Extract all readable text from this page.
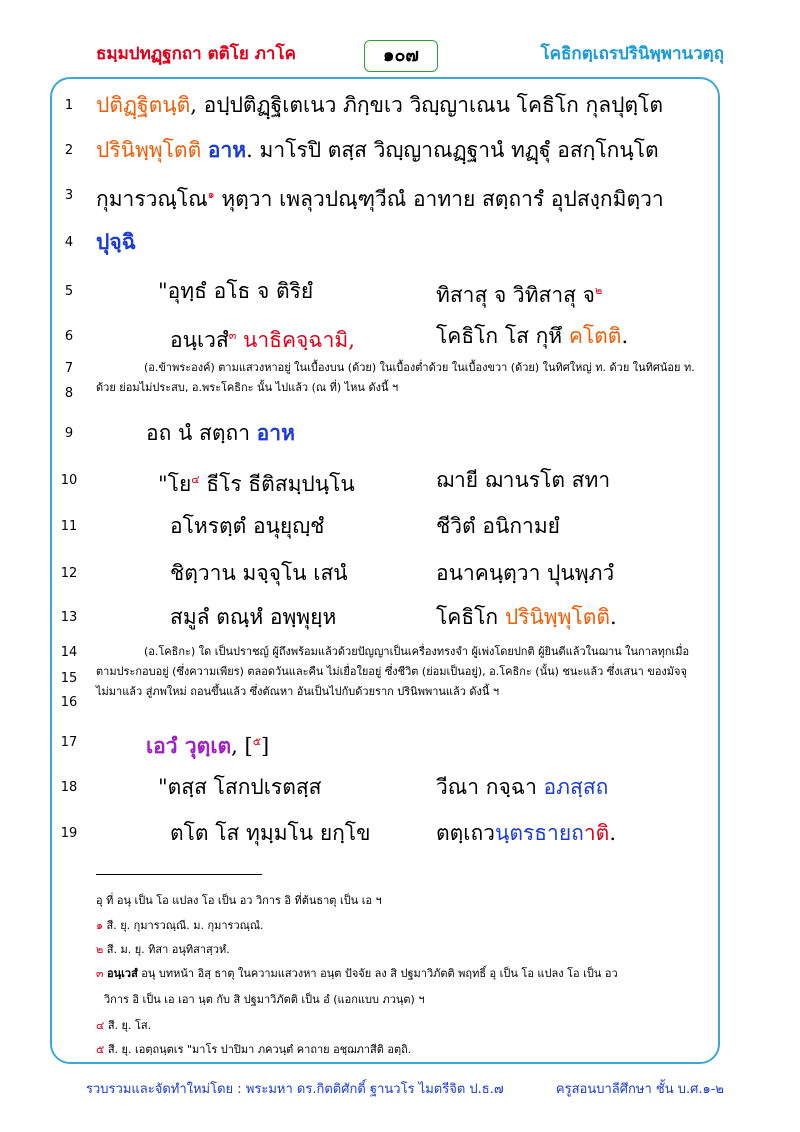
ธมฺมปทฏฺฐกถา ตติโย ภาโค	๑๐๗	โคธิกตฺเถรปรินิพฺพานวตฺถุ
1
2
3
4
5
6
7
8
9
10
11
12
13
14
15
16
17
18
19
ปติฏฺฐิตนฺติ, อปฺปติฏฺฐิเตเนว ภิกฺขเว วิญฺญาเณน โคธิโก กุลปุตฺโต
ปรินิพฺพุโตติ อาห. มาโรปิ ตสฺส วิญฺญาณฏฺฐานํ ทฏฺฐุํ อสกฺโกนฺโต
กุมารวณฺโณ$^๑$ หุตฺวา เพลุวปณฺฑุวีณํ อาทาย สตฺถารํ อุปสงฺกมิตฺวา
ปุจฺฉิ
"อุทฺธํ อโธ จ ติริยํ	ทิสาสุ จ วิทิสาสุ จ$^๒$
อนฺเวสํ$^๓$ นาธิคจฺฉามิ,	โคธิโก โส กุหึ คโตติ.
(อ.ข้าพระองค์) ตามแสวงหาอยู่ ในเบื้องบน (ด้วย) ในเบื้องต่ำด้วย ในเบื้องขวา (ด้วย) ในทิศใหญ่ ท. ด้วย ในทิศน้อย ท.
ด้วย ย่อมไม่ประสบ, อ.พระโคธิกะ นั้น ไปแล้ว (ณ ที่) ไหน ดังนี้ ฯ
อถ นํ สตฺถา อาห
"โย$^๔$ ธีโร ธีติสมฺปนฺโน	ฌายี ฌานรโต สทา
อโหรตฺตํ อนุยุญฺชํ	ชีวิตํ อนิกามยํ
ชิตฺวาน มจฺจุโน เสนํ	อนาคนฺตฺวา ปุนพฺภวํ
สมูลํ ตณฺหํ อพฺพุยฺห	โคธิโก ปรินิพฺพุโตติ.
(อ.โคธิกะ) ใด เป็นปราชญ์ ผู้ถึงพร้อมแล้วด้วยปัญญาเป็นเครื่องทรงจำ ผู้เพ่งโดยปกติ ผู้ยินดีแล้วในฌาน ในกาลทุกเมื่อ
ตามประกอบอยู่ (ซึ่งความเพียร) ตลอดวันและคืน ไม่เยื่อใยอยู่ ซึ่งชีวิต (ย่อมเป็นอยู่), อ.โคธิกะ (นั้น) ชนะแล้ว ซึ่งเสนา ของมัจจุ
ไม่มาแล้ว สู่ภพใหม่ ถอนขึ้นแล้ว ซึ่งตัณหา อันเป็นไปกับด้วยราก ปรินิพพานแล้ว ดังนี้ ฯ
เอวํ วุตฺเต, [$^๕$]
"ตสฺส โสกปเรตสฺส	วีณา กจฺฉา อภสฺสถ
ตโต โส ทุมฺมโน ยกฺโข	ตตฺเถวนฺตรธายถาติ.
อุ ที่ อนุ เป็น โอ แปลง โอ เป็น อว วิการ อิ ที่ต้นธาตุ เป็น เอ ฯ
๑ สี. ยุ. กุมารวณฺณี. ม. กุมารวณฺณํ.
๒ สี. ม. ยุ. ทิสา อนุทิสาสฺวหํ.
๓ อนฺเวสํ อนุ บทหน้า อิสฺ ธาตุ ในความแสวงหา อนฺต ปัจจัย ลง สิ ปฐมาวิภัตติ พฤทธิ์ อุ เป็น โอ แปลง โอ เป็น อว
วิการ อิ เป็น เอ เอา นฺต กับ สิ ปฐมาวิภัตติ เป็น อํ (แอกแบบ ภวนฺต) ฯ
๔ สี. ยุ. โส.
๕ สี. ยุ. เอตฺถนฺตเร "มาโร ปาปิมา ภควนฺตํ คาถาย อชฺฌภาสีติ อตฺถิ.
รวบรวมและจัดทำใหม่โดย : พระมหา ดร.กิตติศักดิ์ ฐานวโร ไมตรีจิต ป.ธ.๗	ครูสอนบาลีศึกษา ชั้น บ.ศ.๑-๒
